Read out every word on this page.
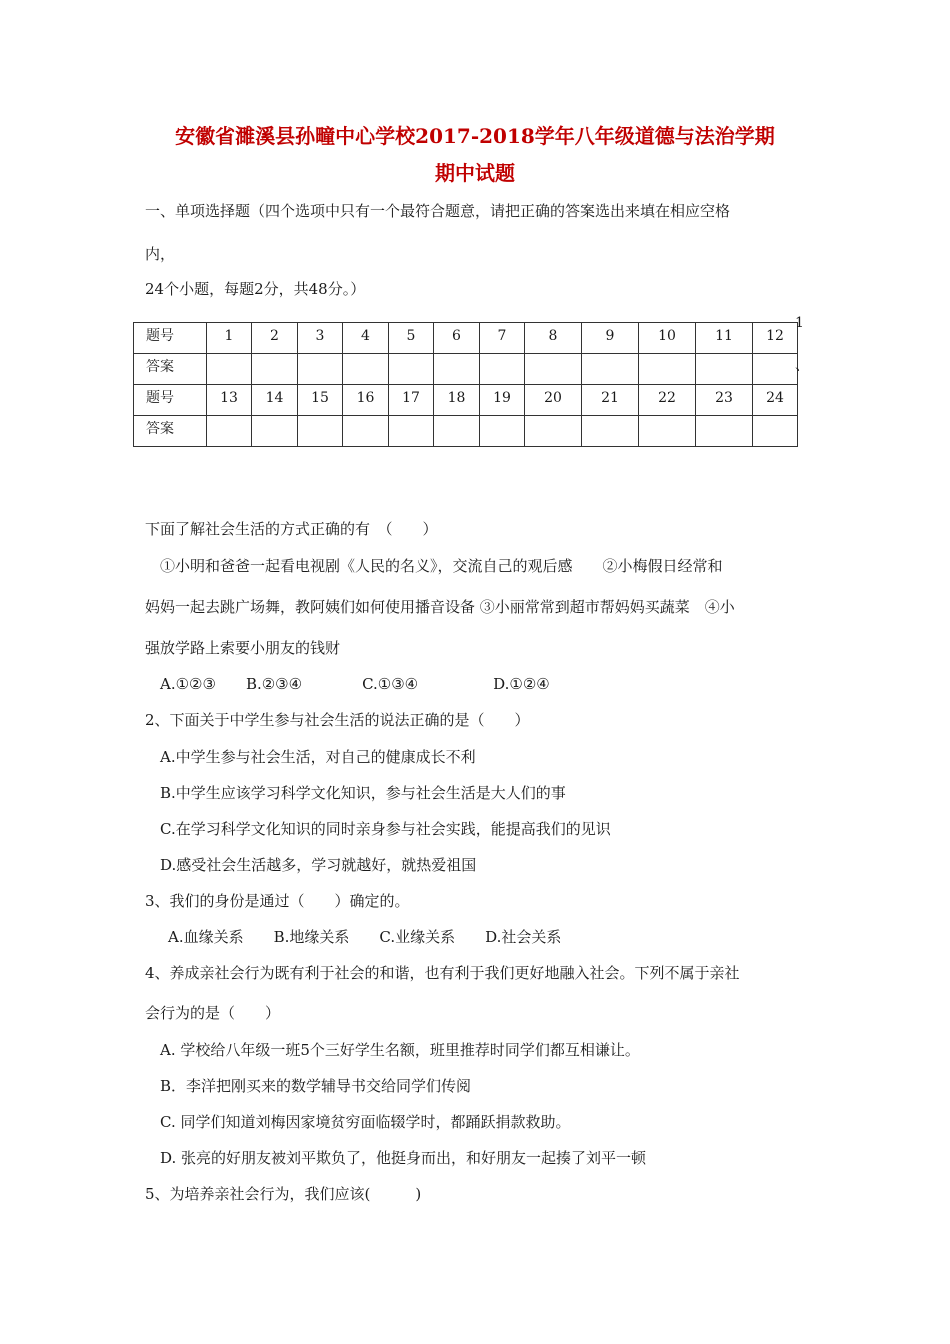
安徽省濉溪县孙疃中心学校2017-2018学年八年级道德与法治学期
期中试题
一、单项选择题（四个选项中只有一个最符合题意，请把正确的答案选出来填在相应空格
内，
24个小题，每题2分，共48分。）
题号	1	2	3	4	5	6	7	8	9	10	11	12
答案												
题号	13	14	15	16	17	18	19	20	21	22	23	24
答案												
1
、
下面了解社会生活的方式正确的有　（　　）
①小明和爸爸一起看电视剧《人民的名义》，交流自己的观后感　　②小梅假日经常和
妈妈一起去跳广场舞，教阿姨们如何使用播音设备 ③小丽常常到超市帮妈妈买蔬菜　④小
强放学路上索要小朋友的钱财
A.①②③　　B.②③④　　　　C.①③④　　　　　D.①②④
2、下面关于中学生参与社会生活的说法正确的是（　　）
A.中学生参与社会生活，对自己的健康成长不利
B.中学生应该学习科学文化知识，参与社会生活是大人们的事
C.在学习科学文化知识的同时亲身参与社会实践，能提高我们的见识
D.感受社会生活越多，学习就越好，就热爱祖国
3、我们的身份是通过（　　）确定的。
A.血缘关系　　B.地缘关系　　C.业缘关系　　D.社会关系
4、养成亲社会行为既有利于社会的和谐，也有利于我们更好地融入社会。下列不属于亲社
会行为的是（　　）
A. 学校给八年级一班5个三好学生名额，班里推荐时同学们都互相谦让。
B．李洋把刚买来的数学辅导书交给同学们传阅
C. 同学们知道刘梅因家境贫穷面临辍学时，都踊跃捐款救助。
D. 张亮的好朋友被刘平欺负了，他挺身而出，和好朋友一起揍了刘平一顿
5、为培养亲社会行为，我们应该(　　　)
